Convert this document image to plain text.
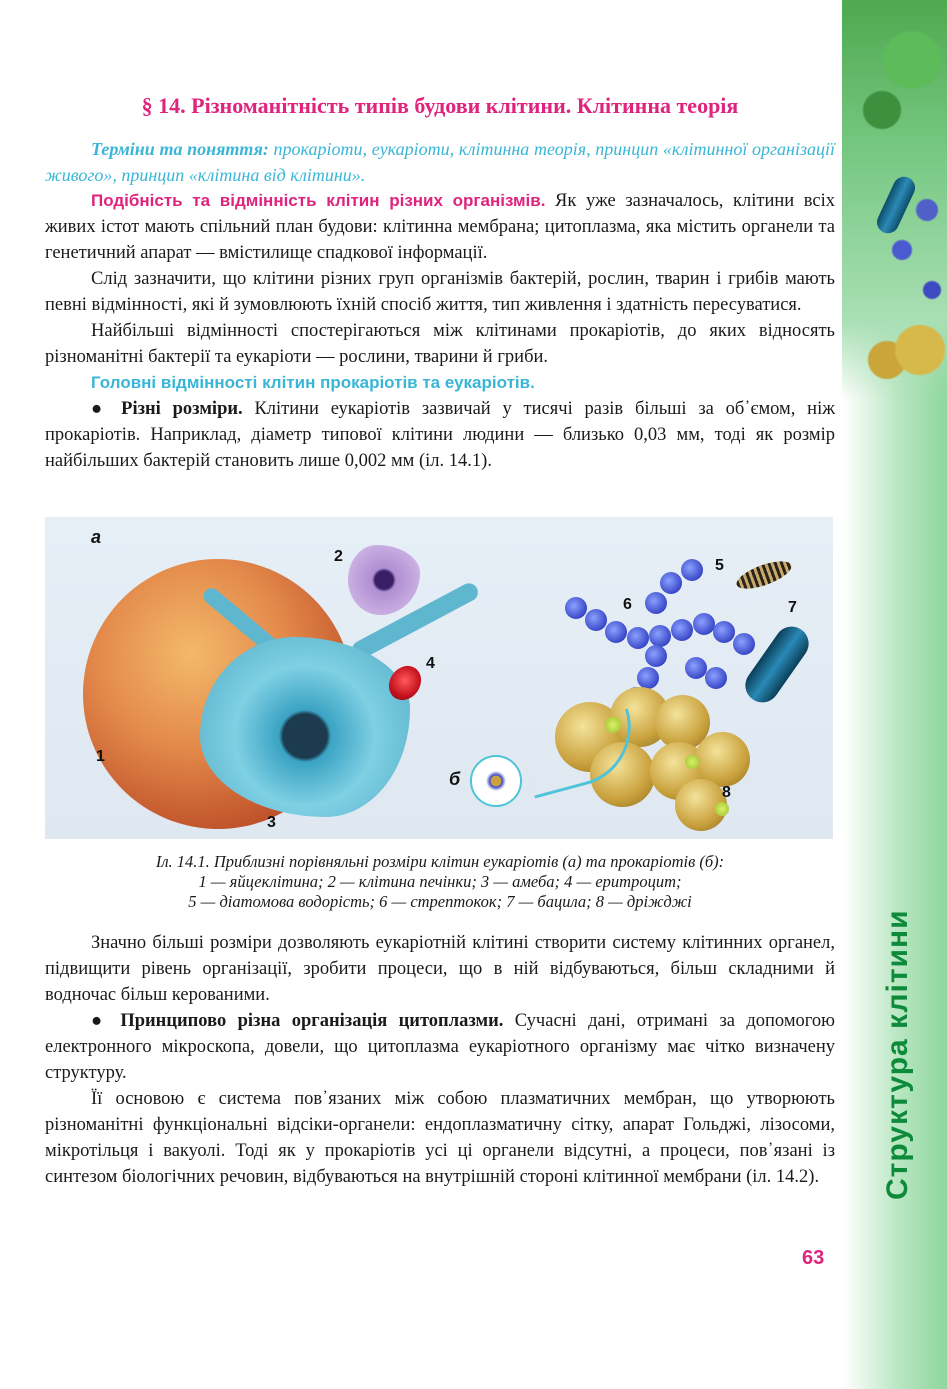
Структура клітини
§ 14. Різноманітність типів будови клітини. Клітинна теорія

Терміни та поняття: прокаріоти, еукаріоти, клітинна теорія, принцип «клітинної організації живого», принцип «клітина від клітини».

Подібність та відмінність клітин різних організмів. Як уже зазначалось, клітини всіх живих істот мають спільний план будови: клітинна мембрана; цитоплазма, яка містить органели та генетичний апарат — вмістилище спадкової інформації.

Слід зазначити, що клітини різних груп організмів бактерій, рослин, тварин і грибів мають певні відмінності, які й зумовлюють їхній спосіб життя, тип живлення і здатність пересуватися.

Найбільші відмінності спостерігаються між клітинами прокаріотів, до яких відносять різноманітні бактерії та еукаріоти — рослини, тварини й гриби.

Головні відмінності клітин прокаріотів та еукаріотів.

● Різні розміри. Клітини еукаріотів зазвичай у тисячі разів більші за об᾽ємом, ніж прокаріотів. Наприклад, діаметр типової клітини людини — близько 0,03 мм, тоді як розмір найбільших бактерій становить лише 0,002 мм (іл. 14.1).

а
б
1
2
3
4
5
6	7
8

Іл. 14.1. Приблизні порівняльні розміри клітин еукаріотів (а) та прокаріотів (б):
1 — яйцеклітина; 2 — клітина печінки; 3 — амеба; 4 — еритроцит;
5 — діатомова водорість; 6 — стрептокок; 7 — бацила; 8 — дріжджі

Значно більші розміри дозволяють еукаріотній клітині створити систему клітинних органел, підвищити рівень організації, зробити процеси, що в ній відбуваються, більш складними й водночас більш керованими.

● Принципово різна організація цитоплазми. Сучасні дані, отримані за допомогою електронного мікроскопа, довели, що цитоплазма еукаріотного організму має чітко визначену структуру.

Її основою є система пов᾽язаних між собою плазматичних мембран, що утворюють різноманітні функціональні відсіки-органели: ендоплазматичну сітку, апарат Гольджі, лізосоми, мікротільця і вакуолі. Тоді як у прокаріотів усі ці органели відсутні, а процеси, пов᾽язані із синтезом біологічних речовин, відбуваються на внутрішній стороні клітинної мембрани (іл. 14.2).

63
